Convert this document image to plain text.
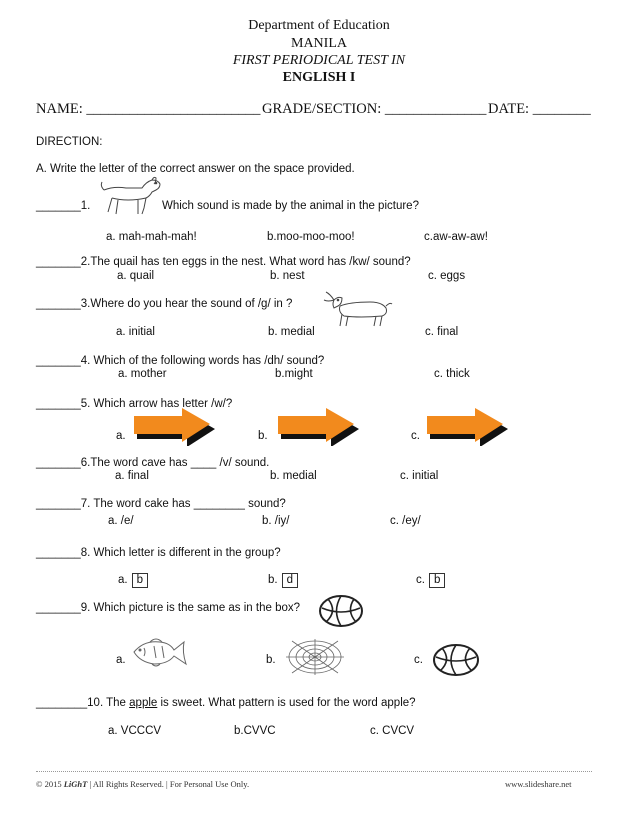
Department of Education
MANILA
FIRST PERIODICAL TEST IN
ENGLISH I
NAME: ________________________ GRADE/SECTION: ______________ DATE: ________
DIRECTION:
A. Write the letter of the correct answer on the space provided.
_______1.	Which sound is made by the animal in the picture?
a. mah-mah-mah!	b.moo-moo-moo!	c.aw-aw-aw!
_______2.The quail has ten eggs in the nest. What word has /kw/ sound?
a. quail	b. nest	c. eggs
_______3.Where do you hear the sound of /g/ in ?
a. initial	b. medial	c. final
_______4. Which of the following words has /dh/ sound?
a. mother	b.might	c. thick
_______5. Which arrow has letter /w/?
a.	b.	c.
_______6.The word cave has ____ /v/ sound.
a. final	b. medial	c. initial
_______7. The word cake has ________ sound?
a. /e/	b. /iy/	c. /ey/
_______8. Which letter is different in the group?
a. b	b. d	c. b
_______9. Which picture is the same as in the box?
a.	b.	c.
________10. The apple is sweet. What pattern is used for the word apple?
a. VCCCV	b.CVVC	c. CVCV
© 2015 LiGhT | All Rights Reserved. | For Personal Use Only.	www.slideshare.net
